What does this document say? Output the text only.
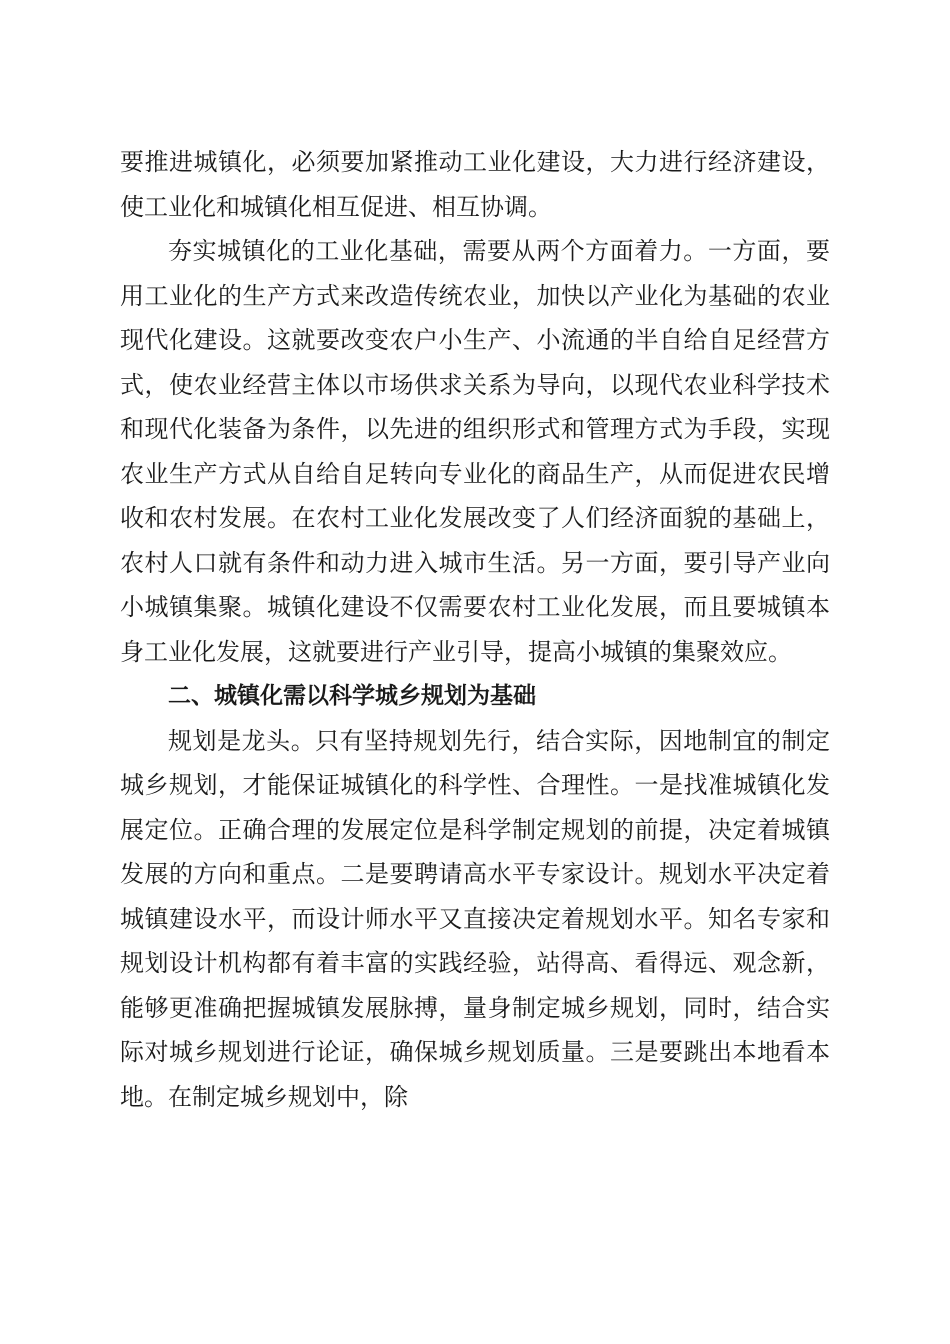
要推进城镇化，必须要加紧推动工业化建设，大力进行经济建设，使工业化和城镇化相互促进、相互协调。

夯实城镇化的工业化基础，需要从两个方面着力。一方面，要用工业化的生产方式来改造传统农业，加快以产业化为基础的农业现代化建设。这就要改变农户小生产、小流通的半自给自足经营方式，使农业经营主体以市场供求关系为导向，以现代农业科学技术和现代化装备为条件，以先进的组织形式和管理方式为手段，实现农业生产方式从自给自足转向专业化的商品生产，从而促进农民增收和农村发展。在农村工业化发展改变了人们经济面貌的基础上，农村人口就有条件和动力进入城市生活。另一方面，要引导产业向小城镇集聚。城镇化建设不仅需要农村工业化发展，而且要城镇本身工业化发展，这就要进行产业引导，提高小城镇的集聚效应。

二、城镇化需以科学城乡规划为基础

规划是龙头。只有坚持规划先行，结合实际，因地制宜的制定城乡规划，才能保证城镇化的科学性、合理性。一是找准城镇化发展定位。正确合理的发展定位是科学制定规划的前提，决定着城镇发展的方向和重点。二是要聘请高水平专家设计。规划水平决定着城镇建设水平，而设计师水平又直接决定着规划水平。知名专家和规划设计机构都有着丰富的实践经验，站得高、看得远、观念新，能够更准确把握城镇发展脉搏，量身制定城乡规划，同时，结合实际对城乡规划进行论证，确保城乡规划质量。三是要跳出本地看本地。在制定城乡规划中，除
